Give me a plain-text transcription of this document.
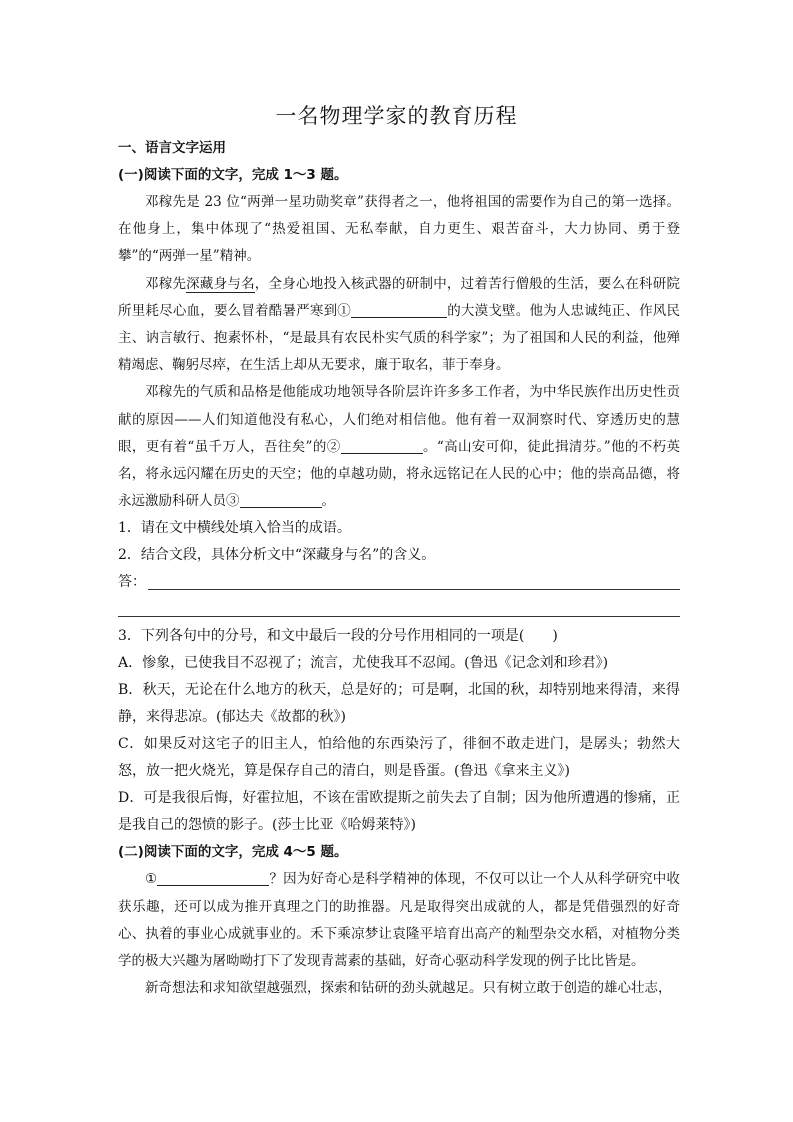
一名物理学家的教育历程
一、语言文字运用
(一)阅读下面的文字，完成 1～3 题。

邓稼先是 23 位“两弹一星功勋奖章”获得者之一，他将祖国的需要作为自己的第一选择。在他身上，集中体现了“热爱祖国、无私奉献，自力更生、艰苦奋斗，大力协同、勇于登攀”的“两弹一星”精神。

邓稼先深藏身与名，全身心地投入核武器的研制中，过着苦行僧般的生活，要么在科研院所里耗尽心血，要么冒着酷暑严寒到①	的大漠戈壁。他为人忠诚纯正、作风民主、讷言敏行、抱素怀朴，“是最具有农民朴实气质的科学家”；为了祖国和人民的利益，他殚精竭虑、鞠躬尽瘁，在生活上却从无要求，廉于取名，菲于奉身。

邓稼先的气质和品格是他能成功地领导各阶层许许多多工作者，为中华民族作出历史性贡献的原因——人们知道他没有私心，人们绝对相信他。他有着一双洞察时代、穿透历史的慧眼，更有着“虽千万人，吾往矣”的②	。“高山安可仰，徒此揖清芬。”他的不朽英名，将永远闪耀在历史的天空；他的卓越功勋，将永远铭记在人民的心中；他的崇高品德，将永远激励科研人员③	。

1．请在文中横线处填入恰当的成语。

2．结合文段，具体分析文中“深藏身与名”的含义。

答：

3．下列各句中的分号，和文中最后一段的分号作用相同的一项是(　　)

A．惨象，已使我目不忍视了；流言，尤使我耳不忍闻。(鲁迅《记念刘和珍君》)

B．秋天，无论在什么地方的秋天，总是好的；可是啊，北国的秋，却特别地来得清，来得静，来得悲凉。(郁达夫《故都的秋》)

C．如果反对这宅子的旧主人，怕给他的东西染污了，徘徊不敢走进门，是孱头；勃然大怒，放一把火烧光，算是保存自己的清白，则是昏蛋。(鲁迅《拿来主义》)

D．可是我很后悔，好霍拉旭，不该在雷欧提斯之前失去了自制；因为他所遭遇的惨痛，正是我自己的怨愤的影子。(莎士比亚《哈姆莱特》)

(二)阅读下面的文字，完成 4～5 题。

①	？因为好奇心是科学精神的体现，不仅可以让一个人从科学研究中收获乐趣，还可以成为推开真理之门的助推器。凡是取得突出成就的人，都是凭借强烈的好奇心、执着的事业心成就事业的。禾下乘凉梦让袁隆平培育出高产的籼型杂交水稻，对植物分类学的极大兴趣为屠呦呦打下了发现青蒿素的基础，好奇心驱动科学发现的例子比比皆是。

新奇想法和求知欲望越强烈，探索和钻研的劲头就越足。只有树立敢于创造的雄心壮志，
